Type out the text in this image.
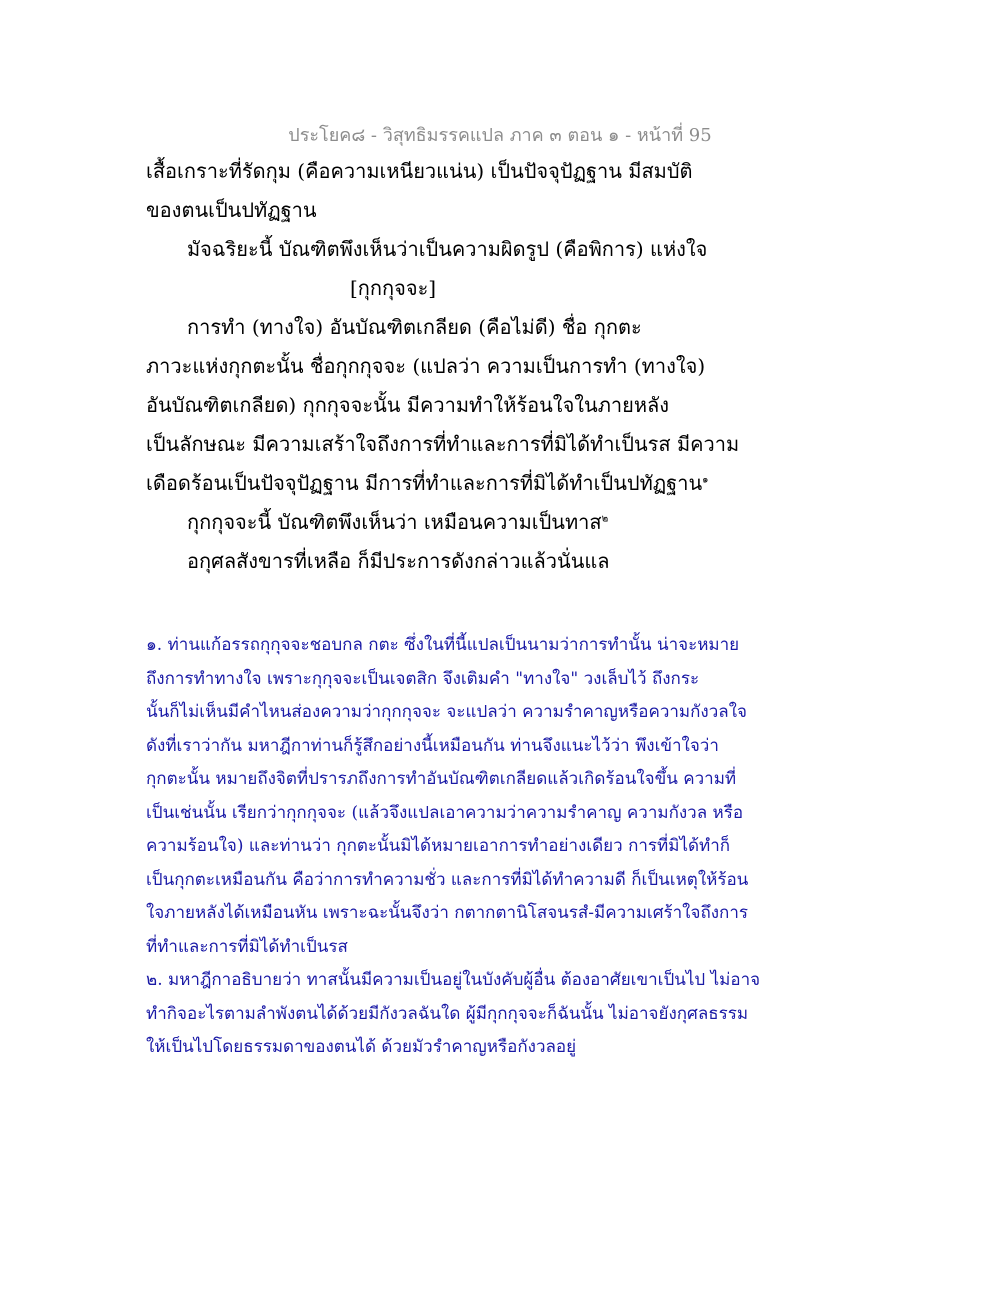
ประโยค๘ - วิสุทธิมรรคแปล ภาค ๓ ตอน ๑ - หน้าที่ 95

เสื้อเกราะที่รัดกุม (คือความเหนียวแน่น) เป็นปัจจุปัฏฐาน มีสมบัติ

ของตนเป็นปทัฏฐาน

มัจฉริยะนี้ บัณฑิตพึงเห็นว่าเป็นความผิดรูป (คือพิการ) แห่งใจ

[กุกกุจจะ]

การทำ (ทางใจ) อันบัณฑิตเกลียด (คือไม่ดี) ชื่อ กุกตะ

ภาวะแห่งกุกตะนั้น ชื่อกุกกุจจะ (แปลว่า ความเป็นการทำ (ทางใจ)

อันบัณฑิตเกลียด) กุกกุจจะนั้น มีความทำให้ร้อนใจในภายหลัง

เป็นลักษณะ มีความเสร้าใจถึงการที่ทำและการที่มิได้ทำเป็นรส มีความ

เดือดร้อนเป็นปัจจุปัฏฐาน มีการที่ทำและการที่มิได้ทำเป็นปทัฏฐาน$^๑$

กุกกุจจะนี้ บัณฑิตพึงเห็นว่า เหมือนความเป็นทาส$^๒$

อกุศลสังขารที่เหลือ ก็มีประการดังกล่าวแล้วนั่นแล

๑. ท่านแก้อรรถกุกุจจะชอบกล กตะ ซึ่งในที่นี้แปลเป็นนามว่าการทำนั้น น่าจะหมาย

ถึงการทำทางใจ เพราะกุกุจจะเป็นเจตสิก จึงเติมคำ "ทางใจ" วงเล็บไว้ ถึงกระ

นั้นก็ไม่เห็นมีคำไหนส่องความว่ากุกกุจจะ จะแปลว่า ความรำคาญหรือความกังวลใจ

ดังที่เราว่ากัน มหาฎีกาท่านก็รู้สึกอย่างนี้เหมือนกัน ท่านจึงแนะไว้ว่า พึงเข้าใจว่า

กุกตะนั้น หมายถึงจิตที่ปรารภถึงการทำอันบัณฑิตเกลียดแล้วเกิดร้อนใจขึ้น ความที่

เป็นเช่นนั้น เรียกว่ากุกกุจจะ (แล้วจึงแปลเอาความว่าความรำคาญ ความกังวล หรือ

ความร้อนใจ) และท่านว่า กุกตะนั้นมิได้หมายเอาการทำอย่างเดียว การที่มิได้ทำก็

เป็นกุกตะเหมือนกัน คือว่าการทำความชั่ว และการที่มิได้ทำความดี ก็เป็นเหตุให้ร้อน

ใจภายหลังได้เหมือนหัน เพราะฉะนั้นจึงว่า กตากตานิโสจนรสํ-มีความเศร้าใจถึงการ

ที่ทำและการที่มิได้ทำเป็นรส

๒. มหาฎีกาอธิบายว่า ทาสนั้นมีความเป็นอยู่ในบังคับผู้อื่น ต้องอาศัยเขาเป็นไป ไม่อาจ

ทำกิจอะไรตามลำพังตนได้ด้วยมีกังวลฉันใด ผู้มีกุกกุจจะก็ฉันนั้น ไม่อาจยังกุศลธรรม

ให้เป็นไปโดยธรรมดาของตนได้ ด้วยมัวรำคาญหรือกังวลอยู่
